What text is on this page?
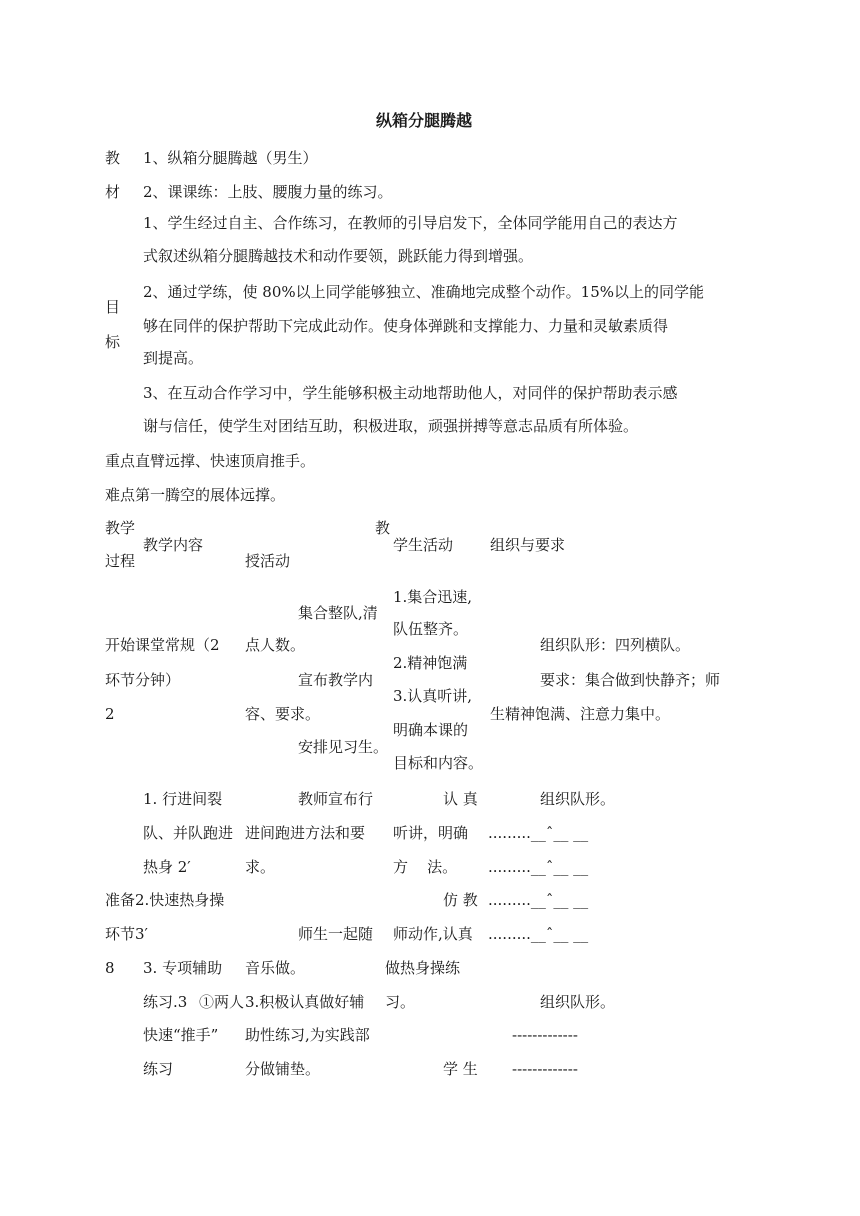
纵箱分腿腾越
教
材
1、纵箱分腿腾越（男生）
2、课课练：上肢、腰腹力量的练习。
目
标
1、学生经过自主、合作练习，在教师的引导启发下，全体同学能用自己的表达方
式叙述纵箱分腿腾越技术和动作要领，跳跃能力得到增强。
2、通过学练，使 80%以上同学能够独立、准确地完成整个动作。15%以上的同学能
够在同伴的保护帮助下完成此动作。使身体弹跳和支撑能力、力量和灵敏素质得
到提高。
3、在互动合作学习中，学生能够积极主动地帮助他人，对同伴的保护帮助表示感
谢与信任，使学生对团结互助，积极进取，顽强拼搏等意志品质有所体验。
重点直臂远撑、快速顶肩推手。
难点第一腾空的展体远撑。
教学
过程
教学内容
教
授活动
学生活动 组织与要求
开始
环节
2
课堂常规（2
分钟）
集合整队,清
点人数。
宣布教学内
容、要求。
安排见习生。
1.集合迅速,
队伍整齐。
2.精神饱满
3.认真听讲,
明确本课的
目标和内容。
组织队形：四列横队。
要求：集合做到快静齐；师
生精神饱满、注意力集中。
1. 行进间裂
队、并队跑进
热身 2′
准备 2.快速热身操
环节 3′
8 3. 专项辅助
练习.3 ①两人
快速“推手”
练习
教师宣布行
进间跑进方法和要
求。
师生一起随
音乐做。
3.积极认真做好辅
助性练习,为实践部
分做铺垫。
认 真
听讲，明确
方    法。
仿 教
师动作,认真
做热身操练
习。
学 生
组织队形。
.........__ˆ__ __
.........__ˆ__ __
.........__ˆ__ __
.........__ˆ__ __
组织队形。
-------------
-------------
